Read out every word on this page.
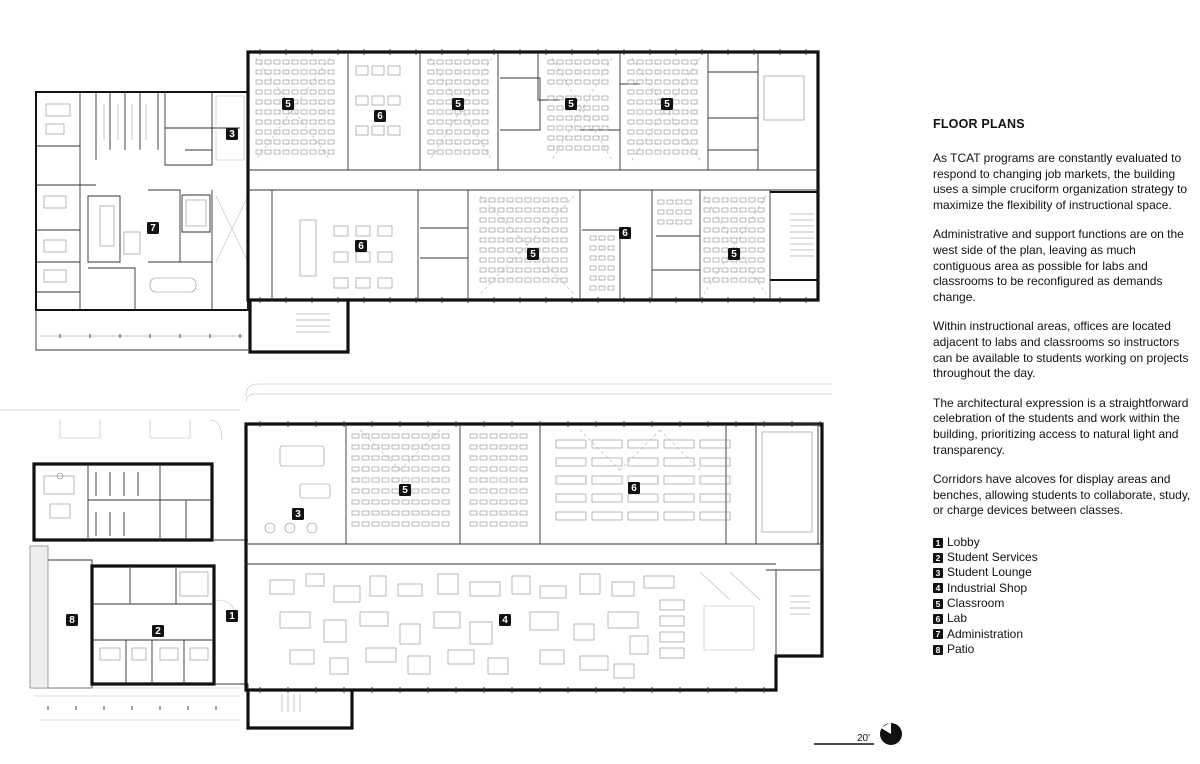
5
6
5	5	5
3
7
6
5
6
5
3
5	6
8
2
1	4
20'
FLOOR PLANS

As TCAT programs are constantly evaluated to respond to changing job markets, the building uses a simple cruciform organization strategy to maximize the flexibility of instructional space.

Administrative and support functions are on the west side of the plan, leaving as much contiguous area as possible for labs and classrooms to be reconfigured as demands change.

Within instructional areas, offices are located adjacent to labs and classrooms so instructors can be available to students working on projects throughout the day.

The architectural expression is a straightforward celebration of the students and work within the building, prioritizing access to natural light and transparency.

Corridors have alcoves for display areas and benches, allowing students to collaborate, study, or charge devices between classes.

1 Lobby
2 Student Services
3 Student Lounge
4 Industrial Shop
5 Classroom
6 Lab
7 Administration
8 Patio
